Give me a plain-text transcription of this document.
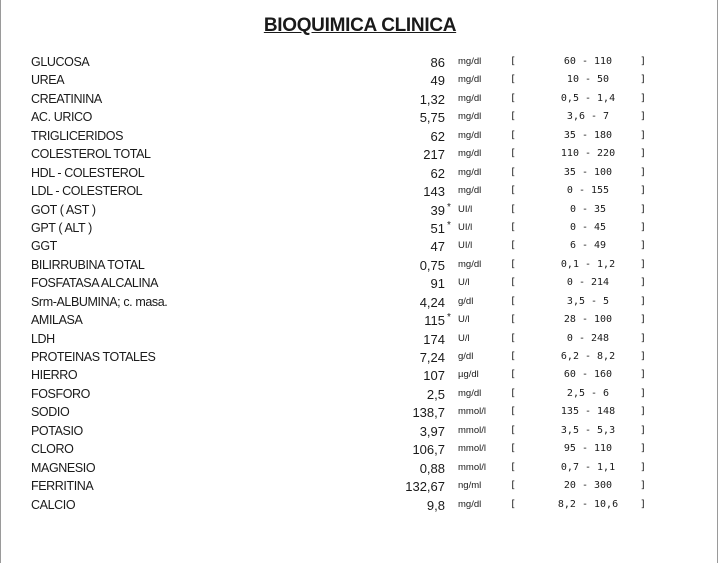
BIOQUIMICA CLINICA
GLUCOSA	86 mg/dl	[	60 - 110	]
UREA	49 mg/dl	[	10 - 50	]
CREATININA	1,32 mg/dl	[	0,5 - 1,4	]
AC. URICO	5,75 mg/dl	[	3,6 - 7	]
TRIGLICERIDOS	62 mg/dl	[	35 - 180	]
COLESTEROL TOTAL	217 mg/dl	[	110 - 220	]
HDL - COLESTEROL	62 mg/dl	[	35 - 100	]
LDL - COLESTEROL	143 mg/dl	[	0 - 155	]
GOT ( AST )	39 * UI/l	[	0 - 35	]
GPT ( ALT )	51 * UI/l	[	0 - 45	]
GGT	47 UI/l	[	6 - 49	]
BILIRRUBINA TOTAL	0,75 mg/dl	[	0,1 - 1,2	]
FOSFATASA ALCALINA	91 U/l	[	0 - 214	]
Srm-ALBUMINA; c. masa.	4,24 g/dl	[	3,5 - 5	]
AMILASA	115 * U/l	[	28 - 100	]
LDH	174 U/l	[	0 - 248	]
PROTEINAS TOTALES	7,24 g/dl	[	6,2 - 8,2	]
HIERRO	107 µg/dl	[	60 - 160	]
FOSFORO	2,5 mg/dl	[	2,5 - 6	]
SODIO	138,7 mmol/l [	135 - 148	]
POTASIO	3,97 mmol/l [	3,5 - 5,3	]
CLORO	106,7 mmol/l [	95 - 110	]
MAGNESIO	0,88 mmol/l [	0,7 - 1,1	]
FERRITINA	132,67 ng/ml	[	20 - 300	]
CALCIO	9,8 mg/dl	[	8,2 - 10,6	]
